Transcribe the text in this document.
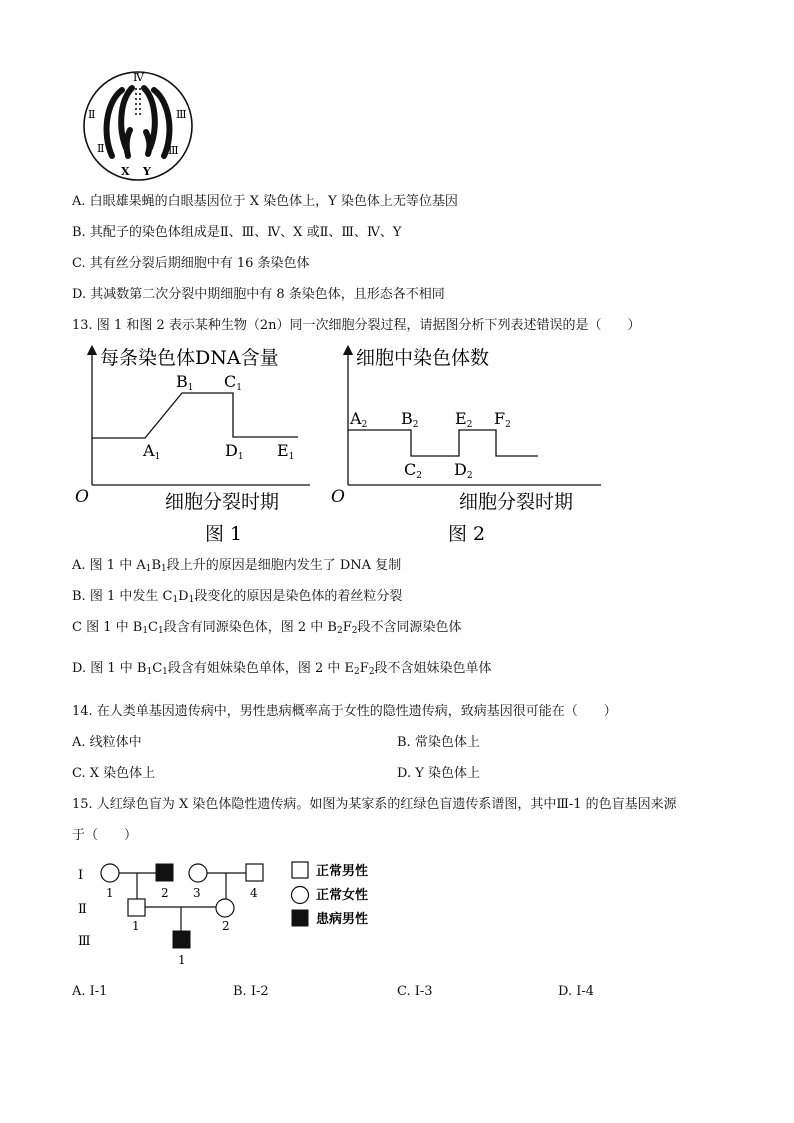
Ⅳ
Ⅱ
Ⅱ
Ⅲ
Ⅲ
X Y
A. 白眼雄果蝇的白眼基因位于 X 染色体上，Y 染色体上无等位基因
B. 其配子的染色体组成是Ⅱ、Ⅲ、Ⅳ、X 或Ⅱ、Ⅲ、Ⅳ、Y
C. 其有丝分裂后期细胞中有 16 条染色体
D. 其减数第二次分裂中期细胞中有 8 条染色体，且形态各不相同
13. 图 1 和图 2 表示某种生物（2n）同一次细胞分裂过程，请据图分析下列表述错误的是（　　）
每条染色体DNA含量
O	细胞分裂时期
图 1
A1
B1 C1
D1 E1
细胞中染色体数
O	细胞分裂时期
图 2
A2 B2
C2 D2
E2 F2
A. 图 1 中 $A_1B_1$段上升的原因是细胞内发生了 DNA 复制
B. 图 1 中发生 $C_1D_1$段变化的原因是染色体的着丝粒分裂
C 图 1 中 $B_1C_1$段含有同源染色体，图 2 中 $B_2F_2$段不含同源染色体
D. 图 1 中 $B_1C_1$段含有姐妹染色单体，图 2 中 $E_2F_2$段不含姐妹染色单体
14. 在人类单基因遗传病中，男性患病概率高于女性的隐性遗传病，致病基因很可能在（　　）
A. 线粒体中	B. 常染色体上
C. X 染色体上	D. Y 染色体上
15. 人红绿色盲为 X 染色体隐性遗传病。如图为某家系的红绿色盲遗传系谱图，其中Ⅲ-1 的色盲基因来源
于（　　）
Ⅰ
Ⅱ
Ⅲ
1	2 3	4
1	2
1
正常男性
正常女性
患病男性
A. Ⅰ-1	B. Ⅰ-2	C. Ⅰ-3	D. Ⅰ-4
